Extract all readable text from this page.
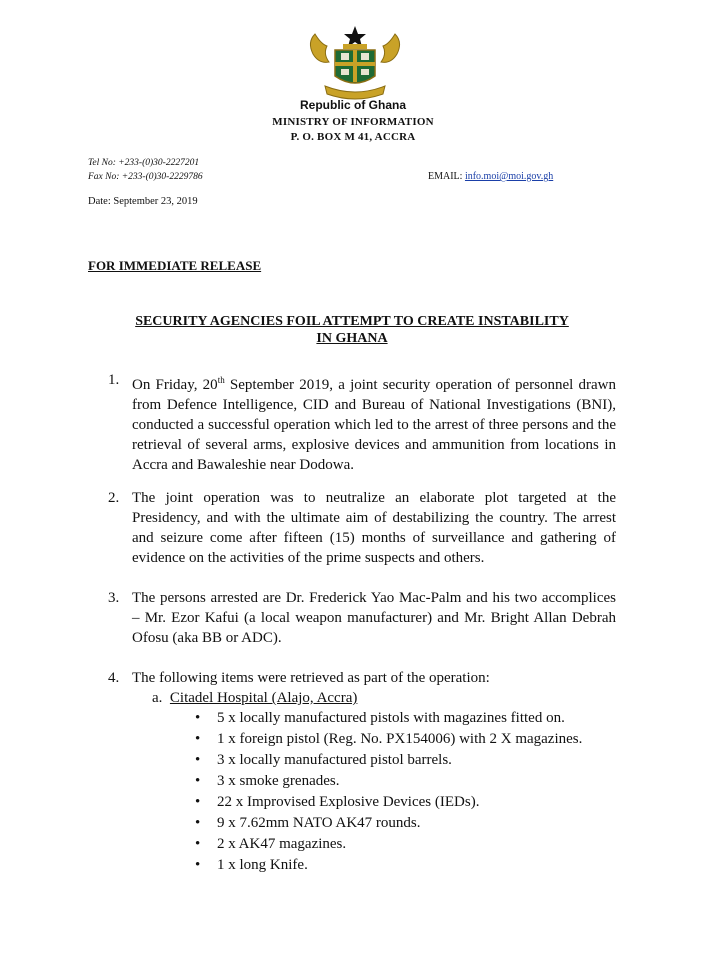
Republic of Ghana
MINISTRY OF INFORMATION
P. O. BOX M 41, ACCRA
Tel No: +233-(0)30-2227201
Fax No: +233-(0)30-2229786	EMAIL: info.moi@moi.gov.gh
Date: September 23, 2019
FOR IMMEDIATE RELEASE
SECURITY AGENCIES FOIL ATTEMPT TO CREATE INSTABILITY
IN GHANA
1. On Friday, 20th September 2019, a joint security operation of personnel drawn from Defence Intelligence, CID and Bureau of National Investigations (BNI), conducted a successful operation which led to the arrest of three persons and the retrieval of several arms, explosive devices and ammunition from locations in Accra and Bawaleshie near Dodowa.
2. The joint operation was to neutralize an elaborate plot targeted at the Presidency, and with the ultimate aim of destabilizing the country. The arrest and seizure come after fifteen (15) months of surveillance and gathering of evidence on the activities of the prime suspects and others.
3. The persons arrested are Dr. Frederick Yao Mac-Palm and his two accomplices – Mr. Ezor Kafui (a local weapon manufacturer) and Mr. Bright Allan Debrah Ofosu (aka BB or ADC).
4. The following items were retrieved as part of the operation:
a. Citadel Hospital (Alajo, Accra)
• 5 x locally manufactured pistols with magazines fitted on.
• 1 x foreign pistol (Reg. No. PX154006) with 2 X magazines.
• 3 x locally manufactured pistol barrels.
• 3 x smoke grenades.
• 22 x Improvised Explosive Devices (IEDs).
• 9 x 7.62mm NATO AK47 rounds.
• 2 x AK47 magazines.
• 1 x long Knife.
